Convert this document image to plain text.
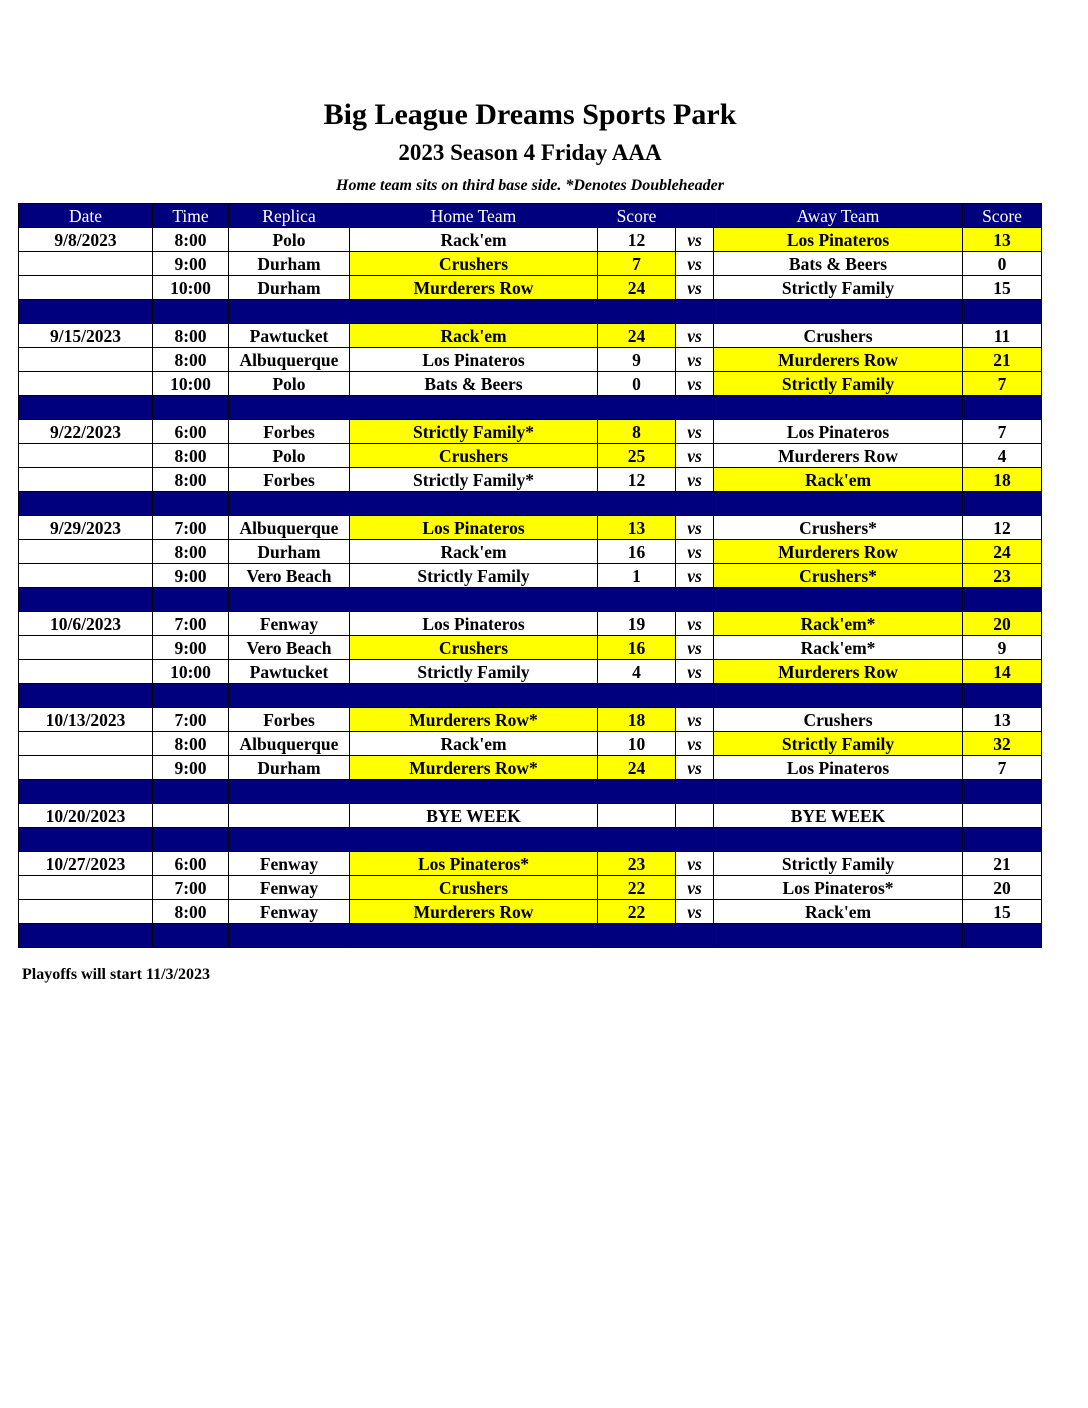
Big League Dreams Sports Park
2023 Season 4 Friday AAA
Home team sits on third base side. *Denotes Doubleheader
Date	Time	Replica	Home Team	Score		Away Team	Score
9/8/2023	8:00	Polo	Rack'em	12	vs	Los Pinateros	13
	9:00	Durham	Crushers	7	vs	Bats & Beers	0
	10:00	Durham	Murderers Row	24	vs	Strictly Family	15

9/15/2023	8:00	Pawtucket	Rack'em	24	vs	Crushers	11
	8:00	Albuquerque	Los Pinateros	9	vs	Murderers Row	21
	10:00	Polo	Bats & Beers	0	vs	Strictly Family	7

9/22/2023	6:00	Forbes	Strictly Family*	8	vs	Los Pinateros	7
	8:00	Polo	Crushers	25	vs	Murderers Row	4
	8:00	Forbes	Strictly Family*	12	vs	Rack'em	18

9/29/2023	7:00	Albuquerque	Los Pinateros	13	vs	Crushers*	12
	8:00	Durham	Rack'em	16	vs	Murderers Row	24
	9:00	Vero Beach	Strictly Family	1	vs	Crushers*	23

10/6/2023	7:00	Fenway	Los Pinateros	19	vs	Rack'em*	20
	9:00	Vero Beach	Crushers	16	vs	Rack'em*	9
	10:00	Pawtucket	Strictly Family	4	vs	Murderers Row	14

10/13/2023	7:00	Forbes	Murderers Row*	18	vs	Crushers	13
	8:00	Albuquerque	Rack'em	10	vs	Strictly Family	32
	9:00	Durham	Murderers Row*	24	vs	Los Pinateros	7

10/20/2023			BYE WEEK			BYE WEEK	

10/27/2023	6:00	Fenway	Los Pinateros*	23	vs	Strictly Family	21
	7:00	Fenway	Crushers	22	vs	Los Pinateros*	20
	8:00	Fenway	Murderers Row	22	vs	Rack'em	15

Playoffs will start 11/3/2023
